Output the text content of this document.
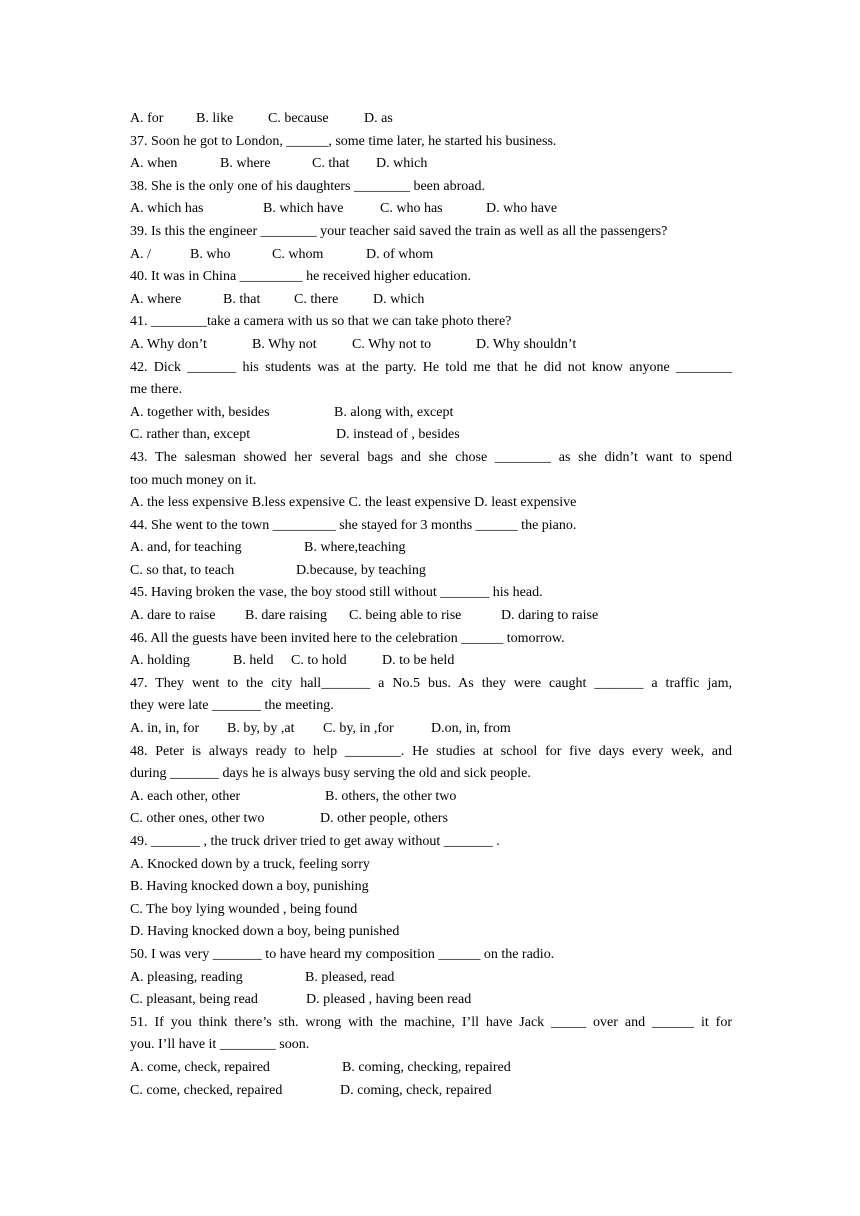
A. for B. like C. because	D. as
37. Soon he got to London, ______, some time later, he started his business.
A. when	B. where	C. that D. which
38. She is the only one of his daughters ________ been abroad.
A. which has	B. which have	C. who has	D. who have
39. Is this the engineer ________ your teacher said saved the train as well as all the passengers?
A. /	B. who	C. whom	D. of whom
40. It was in China _________ he received higher education.
A. where	B. that C. there D. which
41. ________take a camera with us so that we can take photo there?
A. Why don’t	B. Why not	C. Why not to	D. Why shouldn’t
42. Dick _______ his students was at the party. He told me that he did not know anyone ________
me there.
A. together with, besides	B. along with, except
C. rather than, except	D. instead of , besides
43. The salesman showed her several bags and she chose ________ as she didn’t want to spend
too much money on it.
A. the less expensive B.less expensive C. the least expensive D. least expensive
44. She went to the town _________ she stayed for 3 months ______ the piano.
A. and, for teaching	B. where,teaching
C. so that, to teach	D.because, by teaching
45. Having broken the vase, the boy stood still without _______ his head.
A. dare to raise B. dare raising C. being able to rise	D. daring to raise
46. All the guests have been invited here to the celebration ______ tomorrow.
A. holding	B. held C. to hold	D. to be held
47. They went to the city hall_______ a No.5 bus. As they were caught _______ a traffic jam,
they were late _______ the meeting.
A. in, in, for B. by, by ,at C. by, in ,for	D.on, in, from
48. Peter is always ready to help ________. He studies at school for five days every week, and
during _______ days he is always busy serving the old and sick people.
A. each other, other	B. others, the other two
C. other ones, other two	D. other people, others
49. _______ , the truck driver tried to get away without _______ .
A. Knocked down by a truck, feeling sorry
B. Having knocked down a boy, punishing
C. The boy lying wounded , being found
D. Having knocked down a boy, being punished
50. I was very _______ to have heard my composition ______ on the radio.
A. pleasing, reading	B. pleased, read
C. pleasant, being read	D. pleased , having been read
51. If you think there’s sth. wrong with the machine, I’ll have Jack _____ over and ______ it for
you. I’ll have it ________ soon.
A. come, check, repaired	B. coming, checking, repaired
C. come, checked, repaired	D. coming, check, repaired
